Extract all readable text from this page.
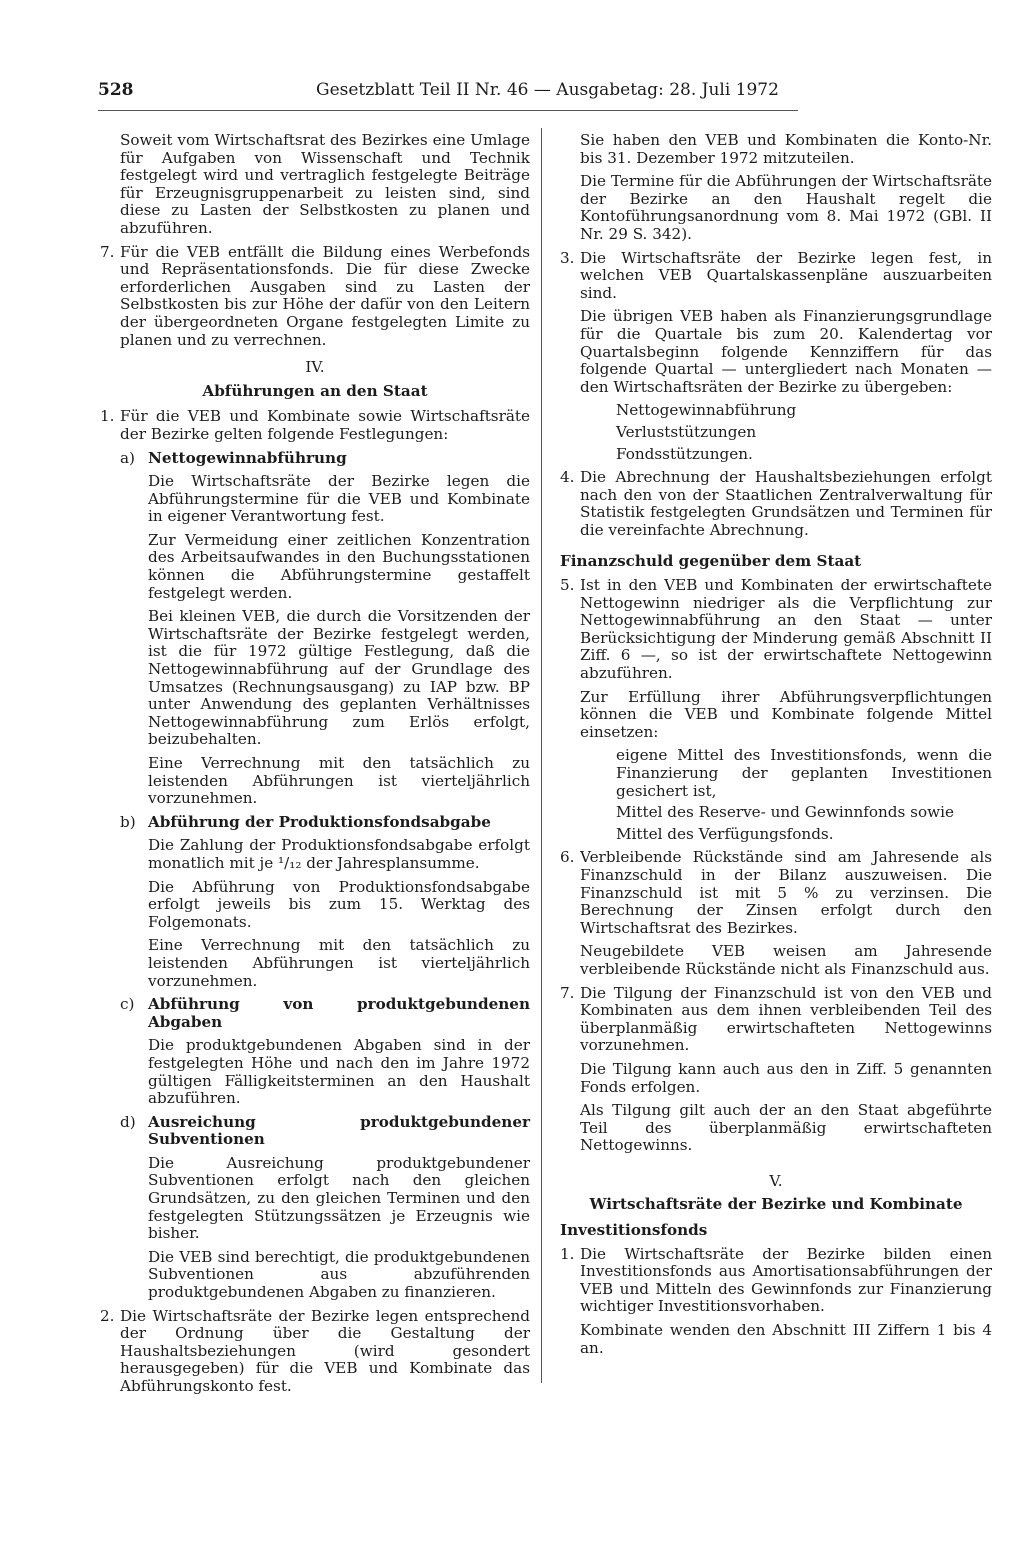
528	Gesetzblatt Teil II Nr. 46 — Ausgabetag: 28. Juli 1972

Soweit vom Wirtschaftsrat des Bezirkes eine Umlage für Aufgaben von Wissenschaft und Technik festgelegt wird und vertraglich festgelegte Beiträge für Erzeugnisgruppenarbeit zu leisten sind, sind diese zu Lasten der Selbstkosten zu planen und abzuführen.

7. Für die VEB entfällt die Bildung eines Werbefonds und Repräsentationsfonds. Die für diese Zwecke erforderlichen Ausgaben sind zu Lasten der Selbstkosten bis zur Höhe der dafür von den Leitern der übergeordneten Organe festgelegten Limite zu planen und zu verrechnen.
IV.
Abführungen an den Staat
1. Für die VEB und Kombinate sowie Wirtschaftsräte der Bezirke gelten folgende Festlegungen:
a) Nettogewinnabführung

Die Wirtschaftsräte der Bezirke legen die Abführungstermine für die VEB und Kombinate in eigener Verantwortung fest.

Zur Vermeidung einer zeitlichen Konzentration des Arbeitsaufwandes in den Buchungsstationen können die Abführungstermine gestaffelt festgelegt werden.

Bei kleinen VEB, die durch die Vorsitzenden der Wirtschaftsräte der Bezirke festgelegt werden, ist die für 1972 gültige Festlegung, daß die Nettogewinnabführung auf der Grundlage des Umsatzes (Rechnungsausgang) zu IAP bzw. BP unter Anwendung des geplanten Verhältnisses Nettogewinnabführung zum Erlös erfolgt, beizubehalten.

Eine Verrechnung mit den tatsächlich zu leistenden Abführungen ist vierteljährlich vorzunehmen.

b) Abführung der Produktionsfondsabgabe

Die Zahlung der Produktionsfondsabgabe erfolgt monatlich mit je ¹/₁₂ der Jahresplansumme.

Die Abführung von Produktionsfondsabgabe erfolgt jeweils bis zum 15. Werktag des Folgemonats.

Eine Verrechnung mit den tatsächlich zu leistenden Abführungen ist vierteljährlich vorzunehmen.

c) Abführung von produktgebundenen Abgaben

Die produktgebundenen Abgaben sind in der festgelegten Höhe und nach den im Jahre 1972 gültigen Fälligkeitsterminen an den Haushalt abzuführen.

d) Ausreichung produktgebundener Subventionen

Die Ausreichung produktgebundener Subventionen erfolgt nach den gleichen Grundsätzen, zu den gleichen Terminen und den festgelegten Stützungssätzen je Erzeugnis wie bisher.

Die VEB sind berechtigt, die produktgebundenen Subventionen aus abzuführenden produktgebundenen Abgaben zu finanzieren.

2. Die Wirtschaftsräte der Bezirke legen entsprechend der Ordnung über die Gestaltung der Haushaltsbeziehungen (wird gesondert herausgegeben) für die VEB und Kombinate das Abführungskonto fest.

Sie haben den VEB und Kombinaten die Konto-Nr. bis 31. Dezember 1972 mitzuteilen.

Die Termine für die Abführungen der Wirtschaftsräte der Bezirke an den Haushalt regelt die Kontoführungsanordnung vom 8. Mai 1972 (GBl. II Nr. 29 S. 342).

3. Die Wirtschaftsräte der Bezirke legen fest, in welchen VEB Quartalskassenpläne auszuarbeiten sind.

Die übrigen VEB haben als Finanzierungsgrundlage für die Quartale bis zum 20. Kalendertag vor Quartalsbeginn folgende Kennziffern für das folgende Quartal — untergliedert nach Monaten — den Wirtschaftsräten der Bezirke zu übergeben:

Nettogewinnabführung
Verluststützungen
Fondsstützungen.
4. Die Abrechnung der Haushaltsbeziehungen erfolgt nach den von der Staatlichen Zentralverwaltung für Statistik festgelegten Grundsätzen und Terminen für die vereinfachte Abrechnung.

Finanzschuld gegenüber dem Staat

5. Ist in den VEB und Kombinaten der erwirtschaftete Nettogewinn niedriger als die Verpflichtung zur Nettogewinnabführung an den Staat — unter Berücksichtigung der Minderung gemäß Abschnitt II Ziff. 6 —, so ist der erwirtschaftete Nettogewinn abzuführen.

Zur Erfüllung ihrer Abführungsverpflichtungen können die VEB und Kombinate folgende Mittel einsetzen:

eigene Mittel des Investitionsfonds, wenn die Finanzierung der geplanten Investitionen gesichert ist,
Mittel des Reserve- und Gewinnfonds sowie
Mittel des Verfügungsfonds.
6. Verbleibende Rückstände sind am Jahresende als Finanzschuld in der Bilanz auszuweisen. Die Finanzschuld ist mit 5 % zu verzinsen. Die Berechnung der Zinsen erfolgt durch den Wirtschaftsrat des Bezirkes.

Neugebildete VEB weisen am Jahresende verbleibende Rückstände nicht als Finanzschuld aus.

7. Die Tilgung der Finanzschuld ist von den VEB und Kombinaten aus dem ihnen verbleibenden Teil des überplanmäßig erwirtschafteten Nettogewinns vorzunehmen.

Die Tilgung kann auch aus den in Ziff. 5 genannten Fonds erfolgen.

Als Tilgung gilt auch der an den Staat abgeführte Teil des überplanmäßig erwirtschafteten Nettogewinns.

V.
Wirtschaftsräte der Bezirke und Kombinate

Investitionsfonds

1. Die Wirtschaftsräte der Bezirke bilden einen Investitionsfonds aus Amortisationsabführungen der VEB und Mitteln des Gewinnfonds zur Finanzierung wichtiger Investitionsvorhaben.

Kombinate wenden den Abschnitt III Ziffern 1 bis 4 an.
